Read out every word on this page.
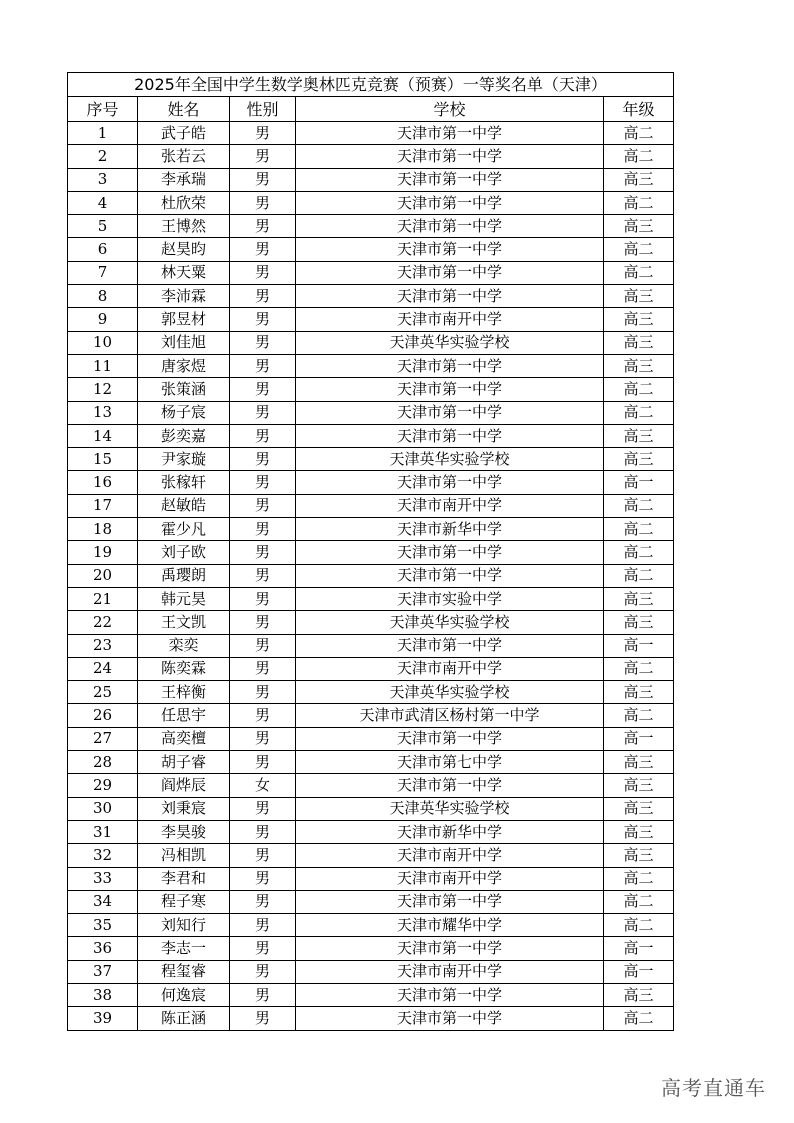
2025年全国中学生数学奥林匹克竞赛（预赛）一等奖名单（天津）
序号	姓名	性别	学校	年级
1	武子皓	男	天津市第一中学	高二
2	张若云	男	天津市第一中学	高二
3	李承瑞	男	天津市第一中学	高三
4	杜欣荣	男	天津市第一中学	高二
5	王博然	男	天津市第一中学	高三
6	赵昊昀	男	天津市第一中学	高二
7	林天粟	男	天津市第一中学	高二
8	李沛霖	男	天津市第一中学	高三
9	郭昱材	男	天津市南开中学	高三
10	刘佳旭	男	天津英华实验学校	高三
11	唐家煜	男	天津市第一中学	高三
12	张策涵	男	天津市第一中学	高二
13	杨子宸	男	天津市第一中学	高二
14	彭奕嘉	男	天津市第一中学	高三
15	尹家璇	男	天津英华实验学校	高三
16	张稼轩	男	天津市第一中学	高一
17	赵敏皓	男	天津市南开中学	高二
18	霍少凡	男	天津市新华中学	高二
19	刘子欧	男	天津市第一中学	高二
20	禹璎朗	男	天津市第一中学	高二
21	韩元昊	男	天津市实验中学	高三
22	王文凯	男	天津英华实验学校	高三
23	栾奕	男	天津市第一中学	高一
24	陈奕霖	男	天津市南开中学	高二
25	王梓衡	男	天津英华实验学校	高三
26	任思宇	男	天津市武清区杨村第一中学	高二
27	高奕檀	男	天津市第一中学	高一
28	胡子睿	男	天津市第七中学	高三
29	阎烨辰	女	天津市第一中学	高三
30	刘秉宸	男	天津英华实验学校	高三
31	李昊骏	男	天津市新华中学	高三
32	冯相凯	男	天津市南开中学	高三
33	李君和	男	天津市南开中学	高二
34	程子寒	男	天津市第一中学	高二
35	刘知行	男	天津市耀华中学	高二
36	李志一	男	天津市第一中学	高一
37	程玺睿	男	天津市南开中学	高一
38	何逸宸	男	天津市第一中学	高三
39	陈正涵	男	天津市第一中学	高二
高考直通车
